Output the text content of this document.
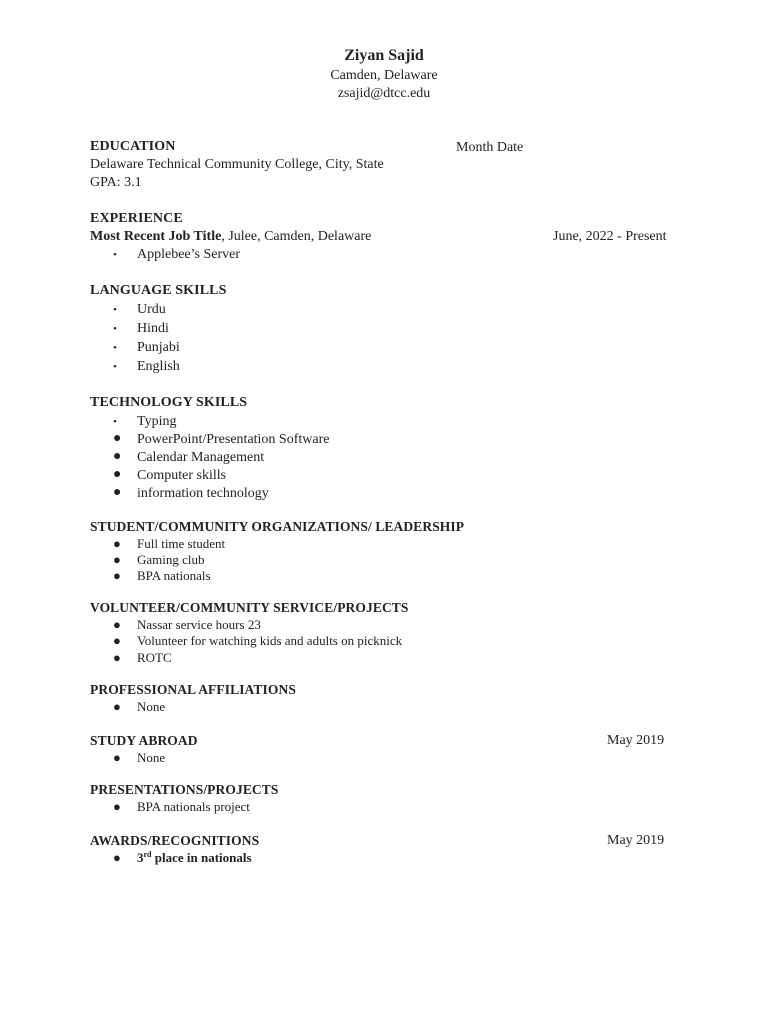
Ziyan Sajid
Camden, Delaware
zsajid@dtcc.edu
EDUCATION	Month Date
Delaware Technical Community College, City, State
GPA: 3.1
EXPERIENCE
Most Recent Job Title, Julee, Camden, Delaware	June, 2022 - Present
• Applebee’s Server
LANGUAGE SKILLS
• Urdu
• Hindi
• Punjabi
• English
TECHNOLOGY SKILLS
• Typing
● PowerPoint/Presentation Software
● Calendar Management
● Computer skills
● information technology
STUDENT/COMMUNITY ORGANIZATIONS/ LEADERSHIP
● Full time student
● Gaming club
● BPA nationals
VOLUNTEER/COMMUNITY SERVICE/PROJECTS
● Nassar service hours 23
● Volunteer for watching kids and adults on picknick
● ROTC
PROFESSIONAL AFFILIATIONS
● None
STUDY ABROAD	May 2019
● None
PRESENTATIONS/PROJECTS
● BPA nationals project
AWARDS/RECOGNITIONS	May 2019
● 3rd place in nationals
